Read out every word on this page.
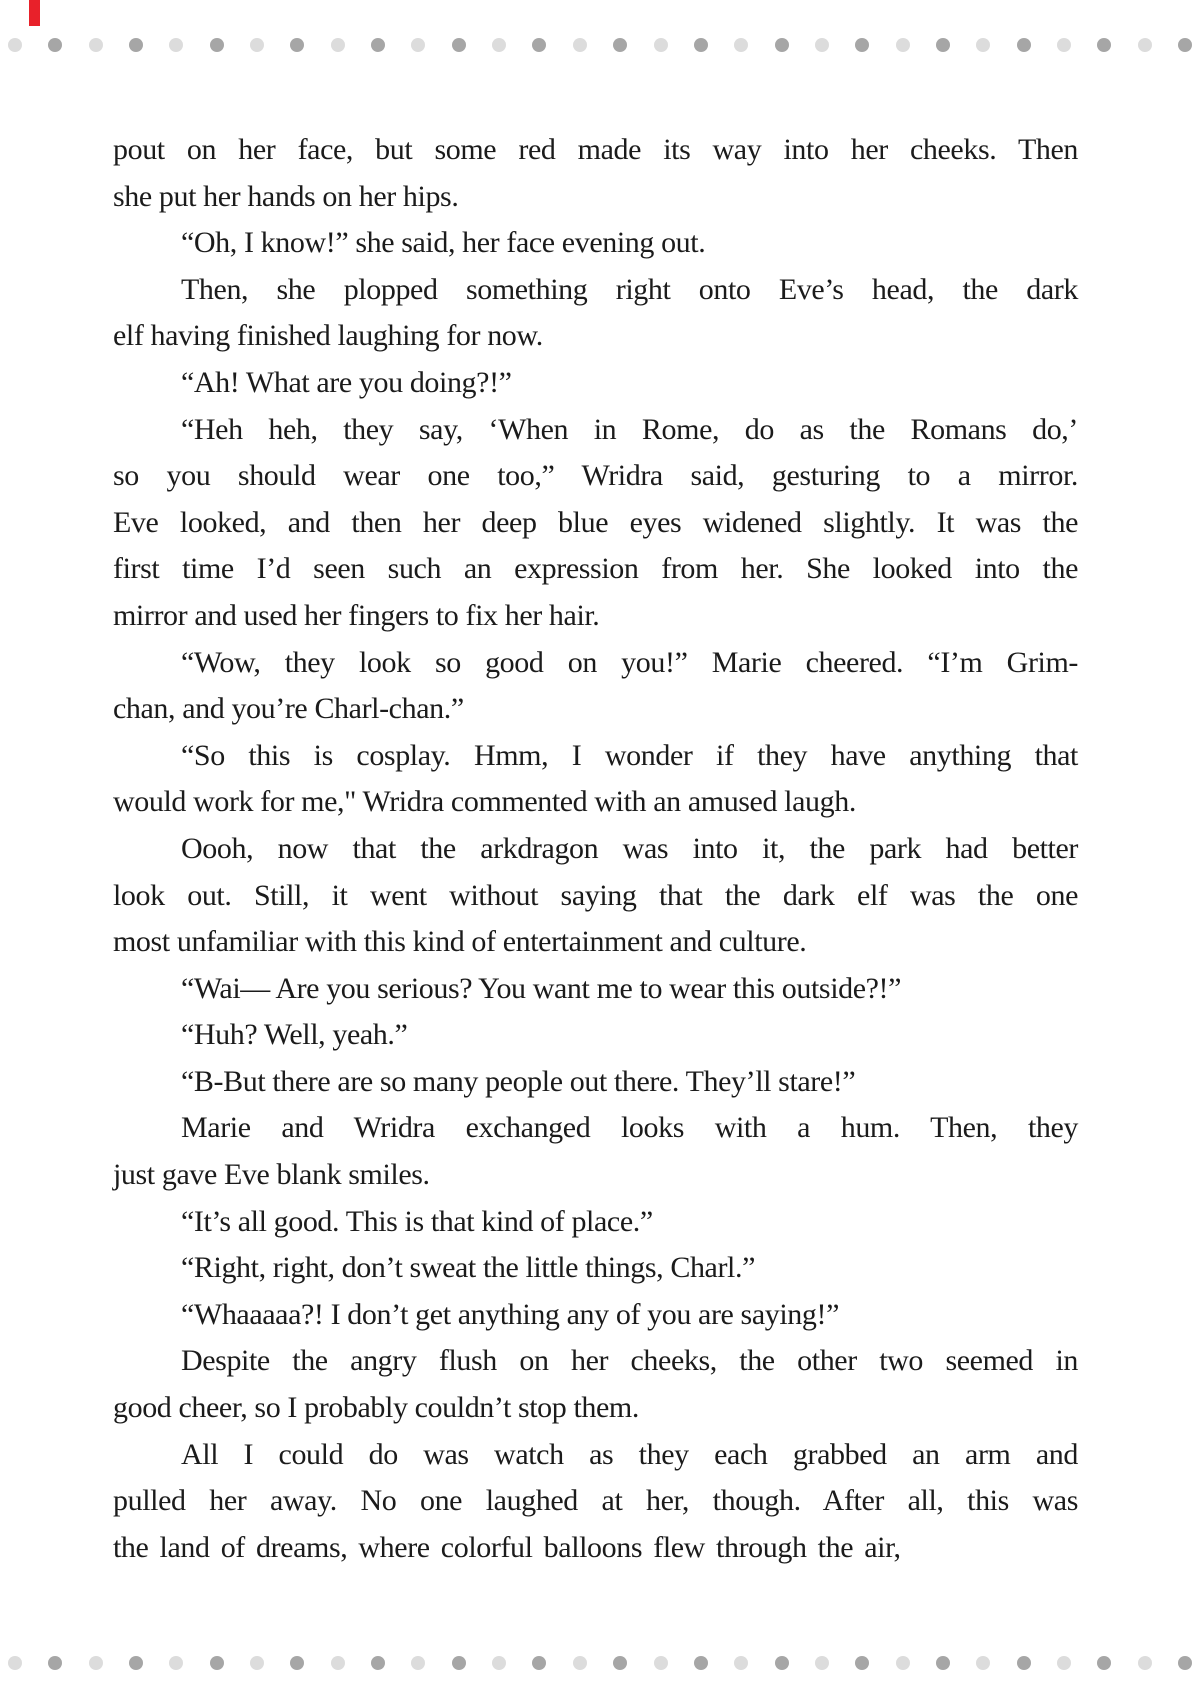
pout on her face, but some red made its way into her cheeks. Then
she put her hands on her hips.
“Oh, I know!” she said, her face evening out.
Then, she plopped something right onto Eve’s head, the dark
elf having finished laughing for now.
“Ah! What are you doing?!”
“Heh heh, they say, ‘When in Rome, do as the Romans do,’
so you should wear one too,” Wridra said, gesturing to a mirror.
Eve looked, and then her deep blue eyes widened slightly. It was the
first time I’d seen such an expression from her. She looked into the
mirror and used her fingers to fix her hair.
“Wow, they look so good on you!” Marie cheered. “I’m Grim-
chan, and you’re Charl-chan.”
“So this is cosplay. Hmm, I wonder if they have anything that
would work for me," Wridra commented with an amused laugh.
Oooh, now that the arkdragon was into it, the park had better
look out. Still, it went without saying that the dark elf was the one
most unfamiliar with this kind of entertainment and culture.
“Wai— Are you serious? You want me to wear this outside?!”
“Huh? Well, yeah.”
“B-But there are so many people out there. They’ll stare!”
Marie and Wridra exchanged looks with a hum. Then, they
just gave Eve blank smiles.
“It’s all good. This is that kind of place.”
“Right, right, don’t sweat the little things, Charl.”
“Whaaaaa?! I don’t get anything any of you are saying!”
Despite the angry flush on her cheeks, the other two seemed in
good cheer, so I probably couldn’t stop them.
All I could do was watch as they each grabbed an arm and
pulled her away. No one laughed at her, though. After all, this was
the land of dreams, where colorful balloons flew through the air,
